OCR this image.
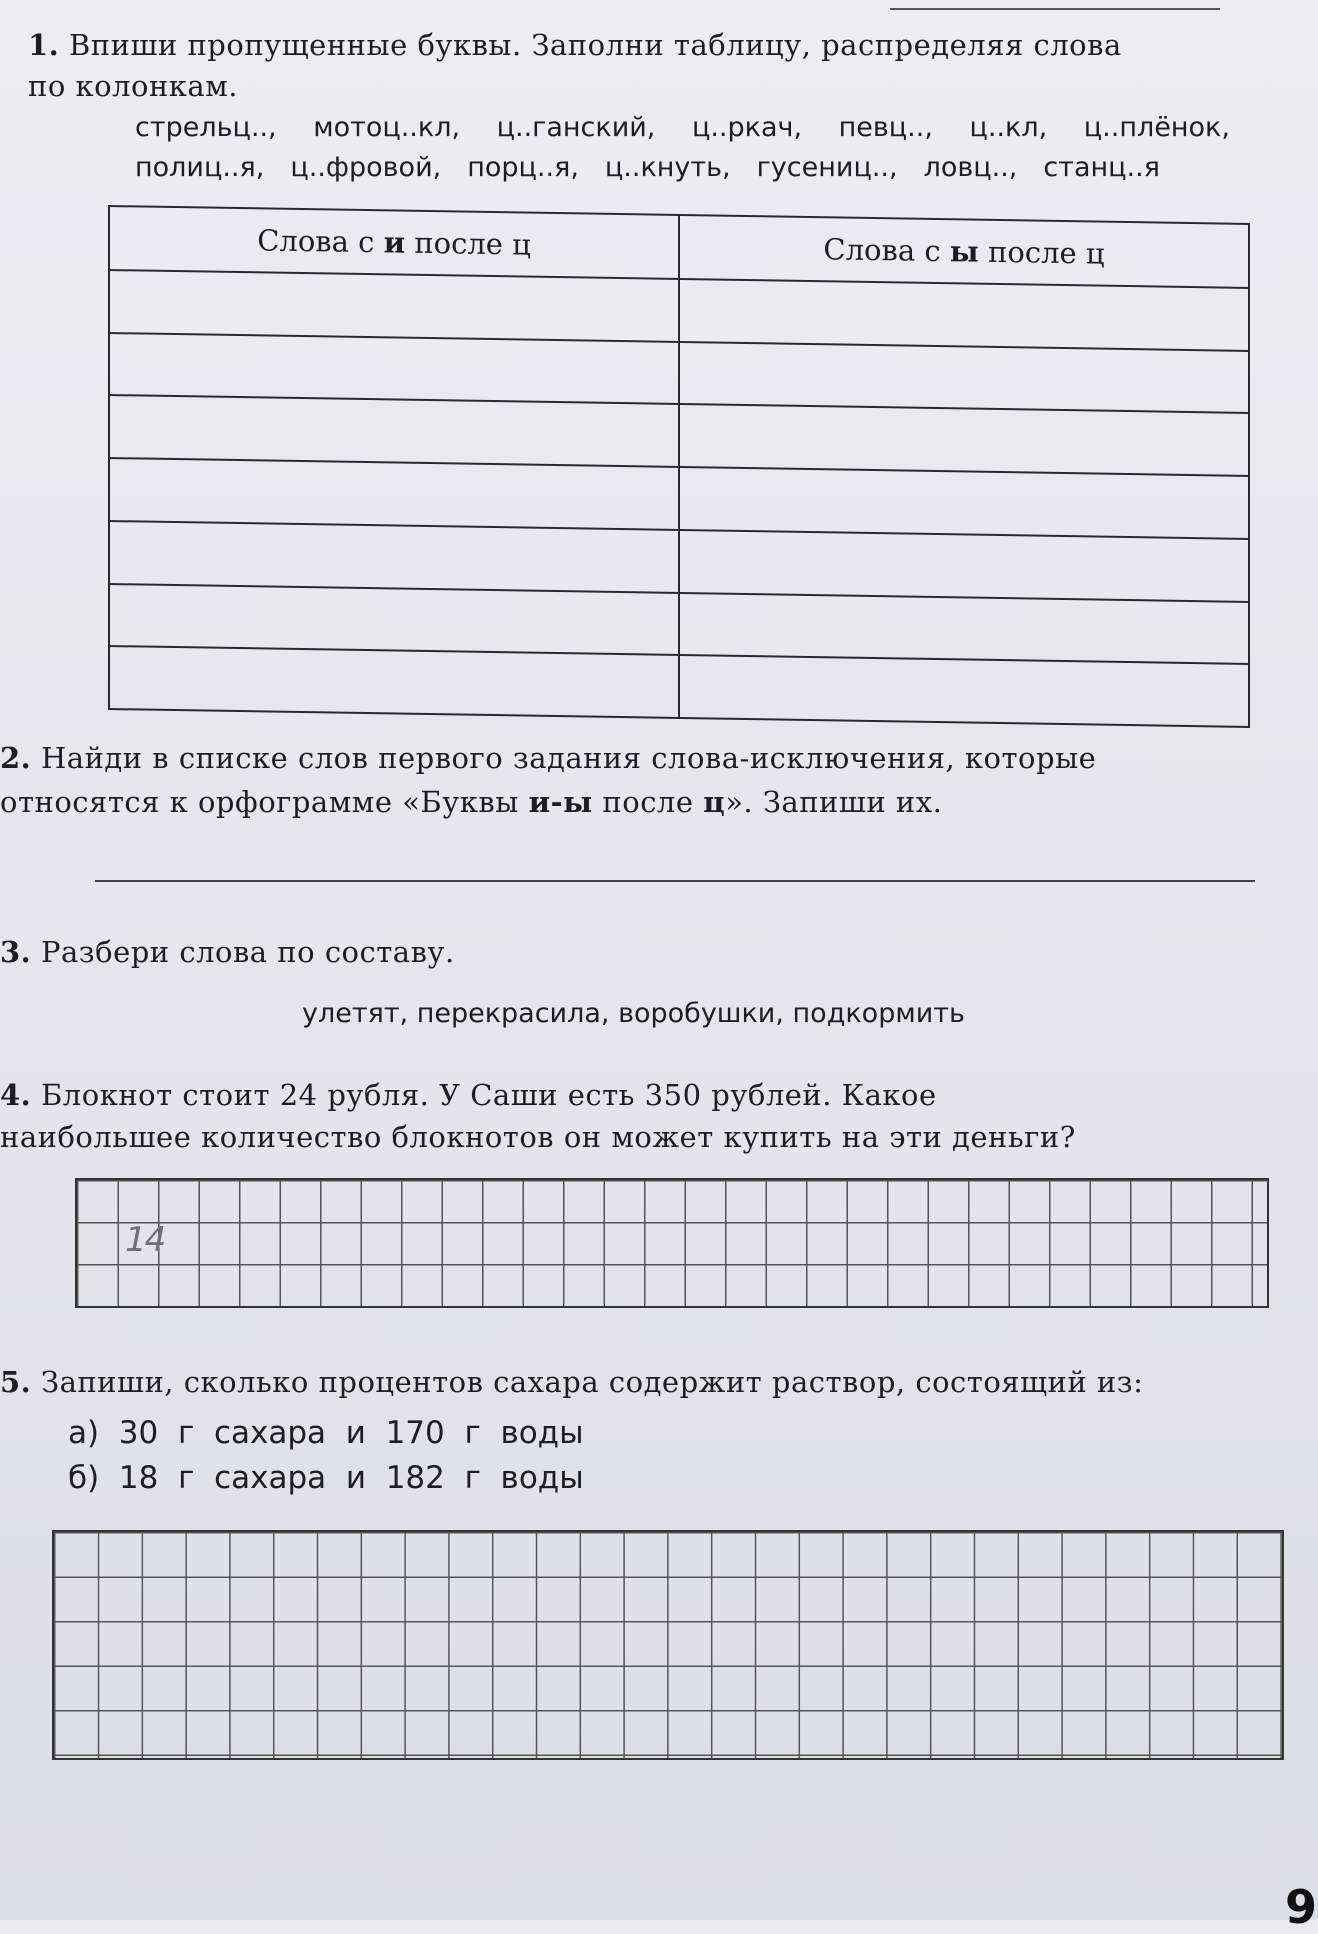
1. Впиши пропущенные буквы. Заполни таблицу, распределяя слова
по колонкам.
стрельц.., мотоц..кл, ц..ганский, ц..ркач, певц.., ц..кл, ц..плёнок,
полиц..я, ц..фровой, порц..я, ц..кнуть, гусениц.., ловц.., станц..я
Слова с и после ц	Слова с ы после ц

2. Найди в списке слов первого задания слова-исключения, которые
относятся к орфограмме «Буквы и-ы после ц». Запиши их.
3. Разбери слова по составу.
улетят, перекрасила, воробушки, подкормить
4. Блокнот стоит 24 рубля. У Саши есть 350 рублей. Какое
наибольшее количество блокнотов он может купить на эти деньги?
14
5. Запиши, сколько процентов сахара содержит раствор, состоящий из:
а)  30  г  сахара  и  170  г  воды
б)  18  г  сахара  и  182  г  воды
9
